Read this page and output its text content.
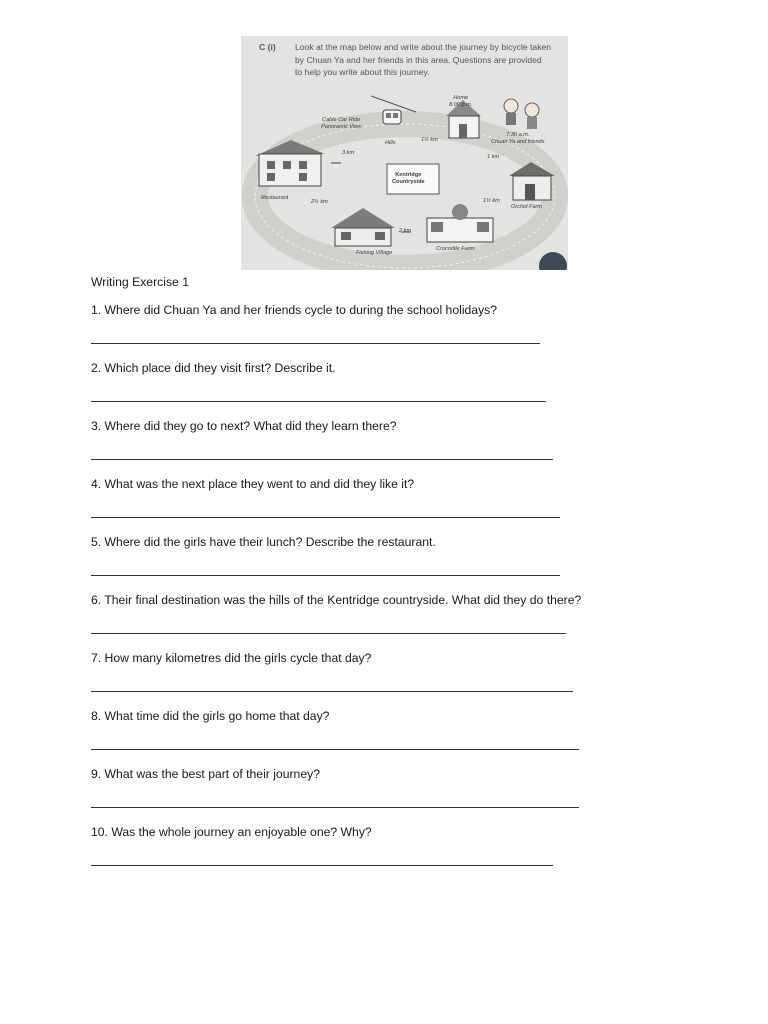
C (i)	Look at the map below and write about the journey by bicycle taken
by Chuan Ya and her friends in this area. Questions are provided
to help you write about this journey.
Home
8.00 p.m.
7.30 a.m.
Chuan Ya and friends
Cable Car Ride
Panoramic View
Hills	1½ km
1 km
3 km
Kentridge
Countryside
Restaurant
2½ km	1½ km
Orchid Farm
2 km
Crocodile Farm
Fishing Village
Writing Exercise 1
1. Where did Chuan Ya and her friends cycle to during the school holidays?
2. Which place did they visit first? Describe it.
3. Where did they go to next? What did they learn there?
4. What was the next place they went to and did they like it?
5. Where did the girls have their lunch? Describe the restaurant.
6. Their final destination was the hills of the Kentridge countryside. What did they do there?
7. How many kilometres did the girls cycle that day?
8. What time did the girls go home that day?
9. What was the best part of their journey?
10. Was the whole journey an enjoyable one? Why?
